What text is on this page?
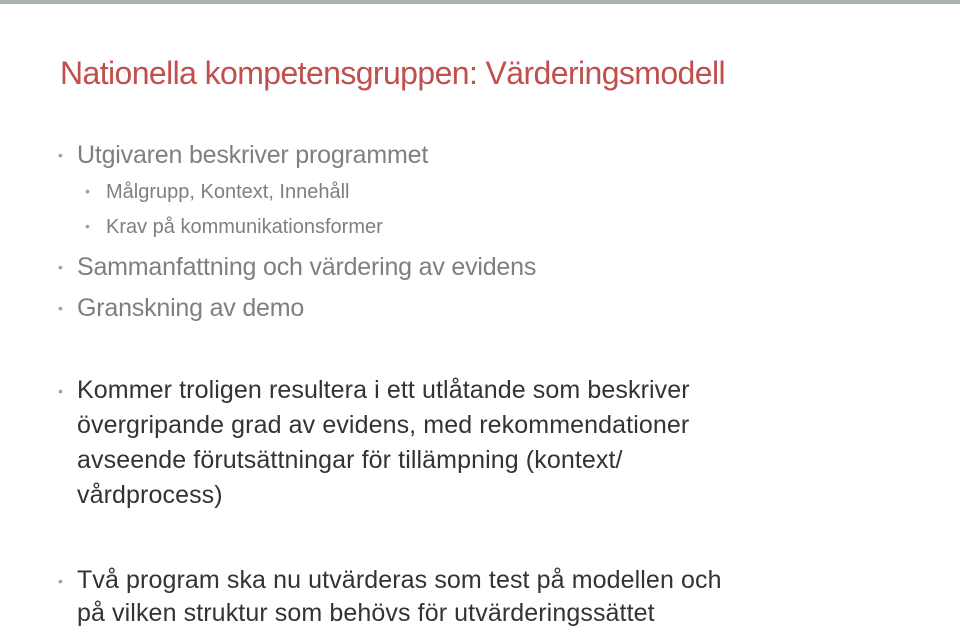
Nationella kompetensgruppen: Värderingsmodell
• Utgivaren beskriver programmet
• Målgrupp, Kontext, Innehåll
• Krav på kommunikationsformer
• Sammanfattning och värdering av evidens
• Granskning av demo
• Kommer troligen resultera i ett utlåtande som beskriver
övergripande grad av evidens, med rekommendationer
avseende förutsättningar för tillämpning (kontext/
vårdprocess)
• Två program ska nu utvärderas som test på modellen och
på vilken struktur som behövs för utvärderingssättet
